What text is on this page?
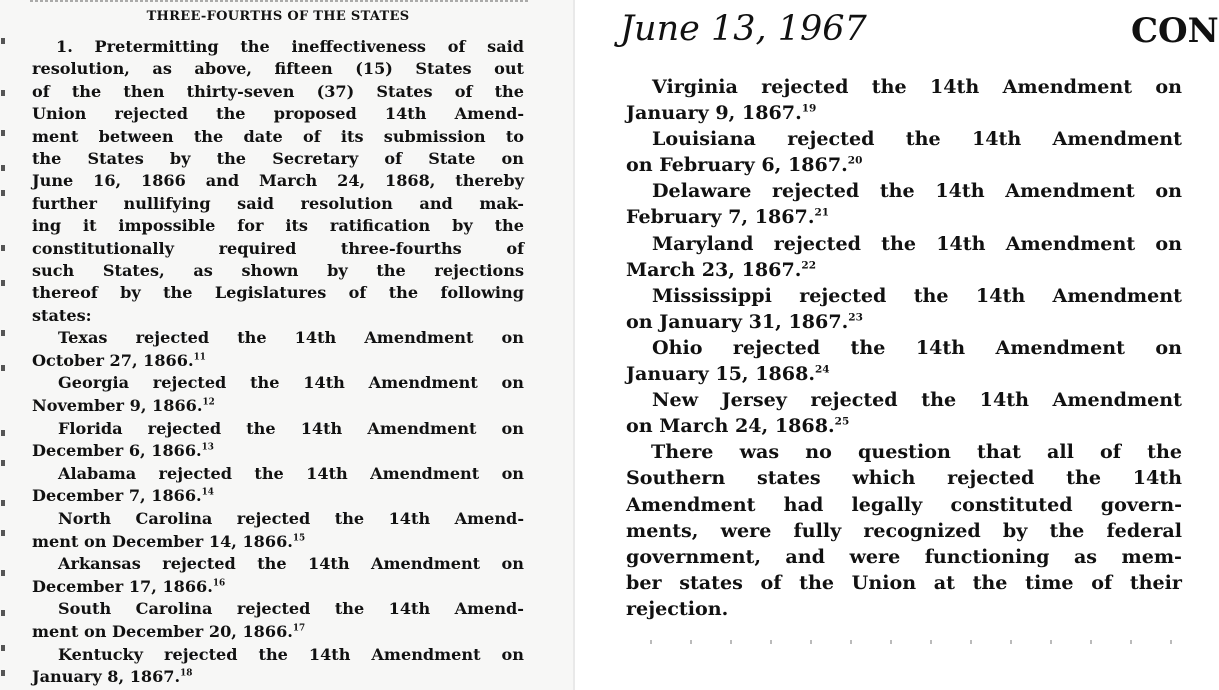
THREE-FOURTHS OF THE STATES

1. Pretermitting the ineffectiveness of said

resolution, as above, fifteen (15) States out

of the then thirty-seven (37) States of the

Union rejected the proposed 14th Amend-

ment between the date of its submission to

the States by the Secretary of State on

June 16, 1866 and March 24, 1868, thereby

further nullifying said resolution and mak-

ing it impossible for its ratification by the

constitutionally required three-fourths of

such States, as shown by the rejections

thereof by the Legislatures of the following

states:

Texas rejected the 14th Amendment on
October 27, 1866.11
Georgia rejected the 14th Amendment on
November 9, 1866.12
Florida rejected the 14th Amendment on
December 6, 1866.13
Alabama rejected the 14th Amendment on
December 7, 1866.14
North Carolina rejected the 14th Amend-
ment on December 14, 1866.15
Arkansas rejected the 14th Amendment on
December 17, 1866.16
South Carolina rejected the 14th Amend-
ment on December 20, 1866.17
Kentucky rejected the 14th Amendment on
January 8, 1867.18
June 13, 1967	CON
Virginia rejected the 14th Amendment on
January 9, 1867.19
Louisiana rejected the 14th Amendment
on February 6, 1867.20
Delaware rejected the 14th Amendment on
February 7, 1867.21
Maryland rejected the 14th Amendment on
March 23, 1867.22
Mississippi rejected the 14th Amendment
on January 31, 1867.23
Ohio rejected the 14th Amendment on
January 15, 1868.24
New Jersey rejected the 14th Amendment
on March 24, 1868.25

There was no question that all of the

Southern states which rejected the 14th

Amendment had legally constituted govern-

ments, were fully recognized by the federal

government, and were functioning as mem-

ber states of the Union at the time of their

rejection.
